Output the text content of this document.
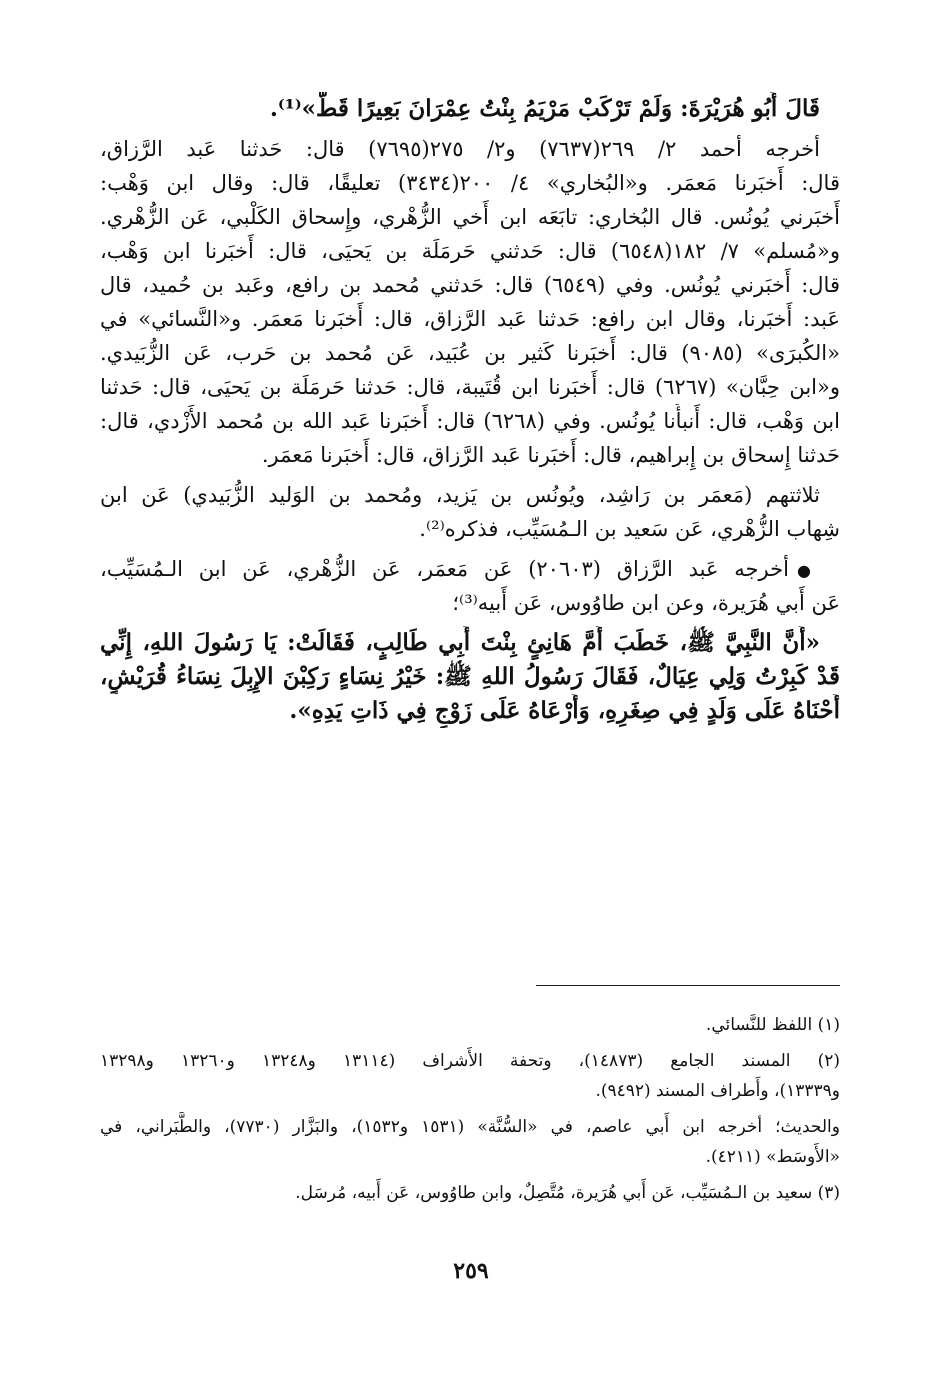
قَالَ أَبُو هُرَيْرَةَ: وَلَمْ تَرْكَبْ مَرْيَمُ بِنْتُ عِمْرَانَ بَعِيرًا قَطُّ»⁽¹⁾.
أخرجه أحمد ٢/ ٢٦٩(٧٦٣٧) و٢/ ٢٧٥(٧٦٩٥) قال: حَدثنا عَبد الرَّزاق،
قال: أَخبَرنا مَعمَر. و«البُخاري» ٤/ ٢٠٠(٣٤٣٤) تعليقًا، قال: وقال ابن وَهْب:
أَخبَرني يُونُس. قال البُخاري: تابَعَه ابن أَخي الزُّهْري، وإِسحاق الكَلْبي، عَن الزُّهْري.
و«مُسلم» ٧/ ١٨٢(٦٥٤٨) قال: حَدثني حَرمَلَة بن يَحيَى، قال: أَخبَرنا ابن وَهْب،
قال: أَخبَرني يُونُس. وفي (٦٥٤٩) قال: حَدثني مُحمد بن رافع، وعَبد بن حُميد، قال
عَبد: أَخبَرنا، وقال ابن رافع: حَدثنا عَبد الرَّزاق، قال: أَخبَرنا مَعمَر. و«النَّسائي» في
«الكُبرَى» (٩٠٨٥) قال: أَخبَرنا كَثير بن عُبَيد، عَن مُحمد بن حَرب، عَن الزُّبَيدي.
و«ابن حِبَّان» (٦٢٦٧) قال: أَخبَرنا ابن قُتَيبة، قال: حَدثنا حَرمَلَة بن يَحيَى، قال: حَدثنا
ابن وَهْب، قال: أَنبأَنا يُونُس. وفي (٦٢٦٨) قال: أَخبَرنا عَبد الله بن مُحمد الأَزْدي، قال:
حَدثنا إِسحاق بن إِبراهيم، قال: أَخبَرنا عَبد الرَّزاق، قال: أَخبَرنا مَعمَر.
ثلاثتهم (مَعمَر بن رَاشِد، ويُونُس بن يَزيد، ومُحمد بن الوَليد الزُّبَيدي) عَن ابن
شِهاب الزُّهْري، عَن سَعيد بن الـمُسَيِّب، فذكره⁽²⁾.
●أخرجه عَبد الرَّزاق (٢٠٦٠٣) عَن مَعمَر، عَن الزُّهْري، عَن ابن الـمُسَيِّب،
عَن أَبي هُرَيرة، وعن ابن طاوُوس، عَن أَبيه⁽³⁾؛
«أَنَّ النَّبِيَّ ﷺ، خَطَبَ أُمَّ هَانِئٍ بِنْتَ أَبِي طَالِبٍ، فَقَالَتْ: يَا رَسُولَ اللهِ، إِنِّي
قَدْ كَبِرْتُ وَلِي عِيَالٌ، فَقَالَ رَسُولُ اللهِ ﷺ: خَيْرُ نِسَاءٍ رَكِبْنَ الإِبِلَ نِسَاءُ قُرَيْشٍ،
أَحْنَاهُ عَلَى وَلَدٍ فِي صِغَرِهِ، وَأَرْعَاهُ عَلَى زَوْجٍ فِي ذَاتِ يَدِهِ».
(١) اللفظ للنَّسائي.
(٢) المسند الجامع (١٤٨٧٣)، وتحفة الأَشراف (١٣١١٤ و١٣٢٤٨ و١٣٢٦٠ و١٣٢٩٨
و١٣٣٣٩)، وأَطراف المسند (٩٤٩٢).
والحديث؛ أخرجه ابن أَبي عاصم، في «السُّنَّة» (١٥٣١ و١٥٣٢)، والبَزَّار (٧٧٣٠)، والطَّبَراني، في
«الأَوسَط» (٤٢١١).
(٣) سعيد بن الـمُسَيِّب، عَن أَبي هُرَيرة، مُتَّصِلٌ، وابن طاوُوس، عَن أَبيه، مُرسَل.
٢٥٩
